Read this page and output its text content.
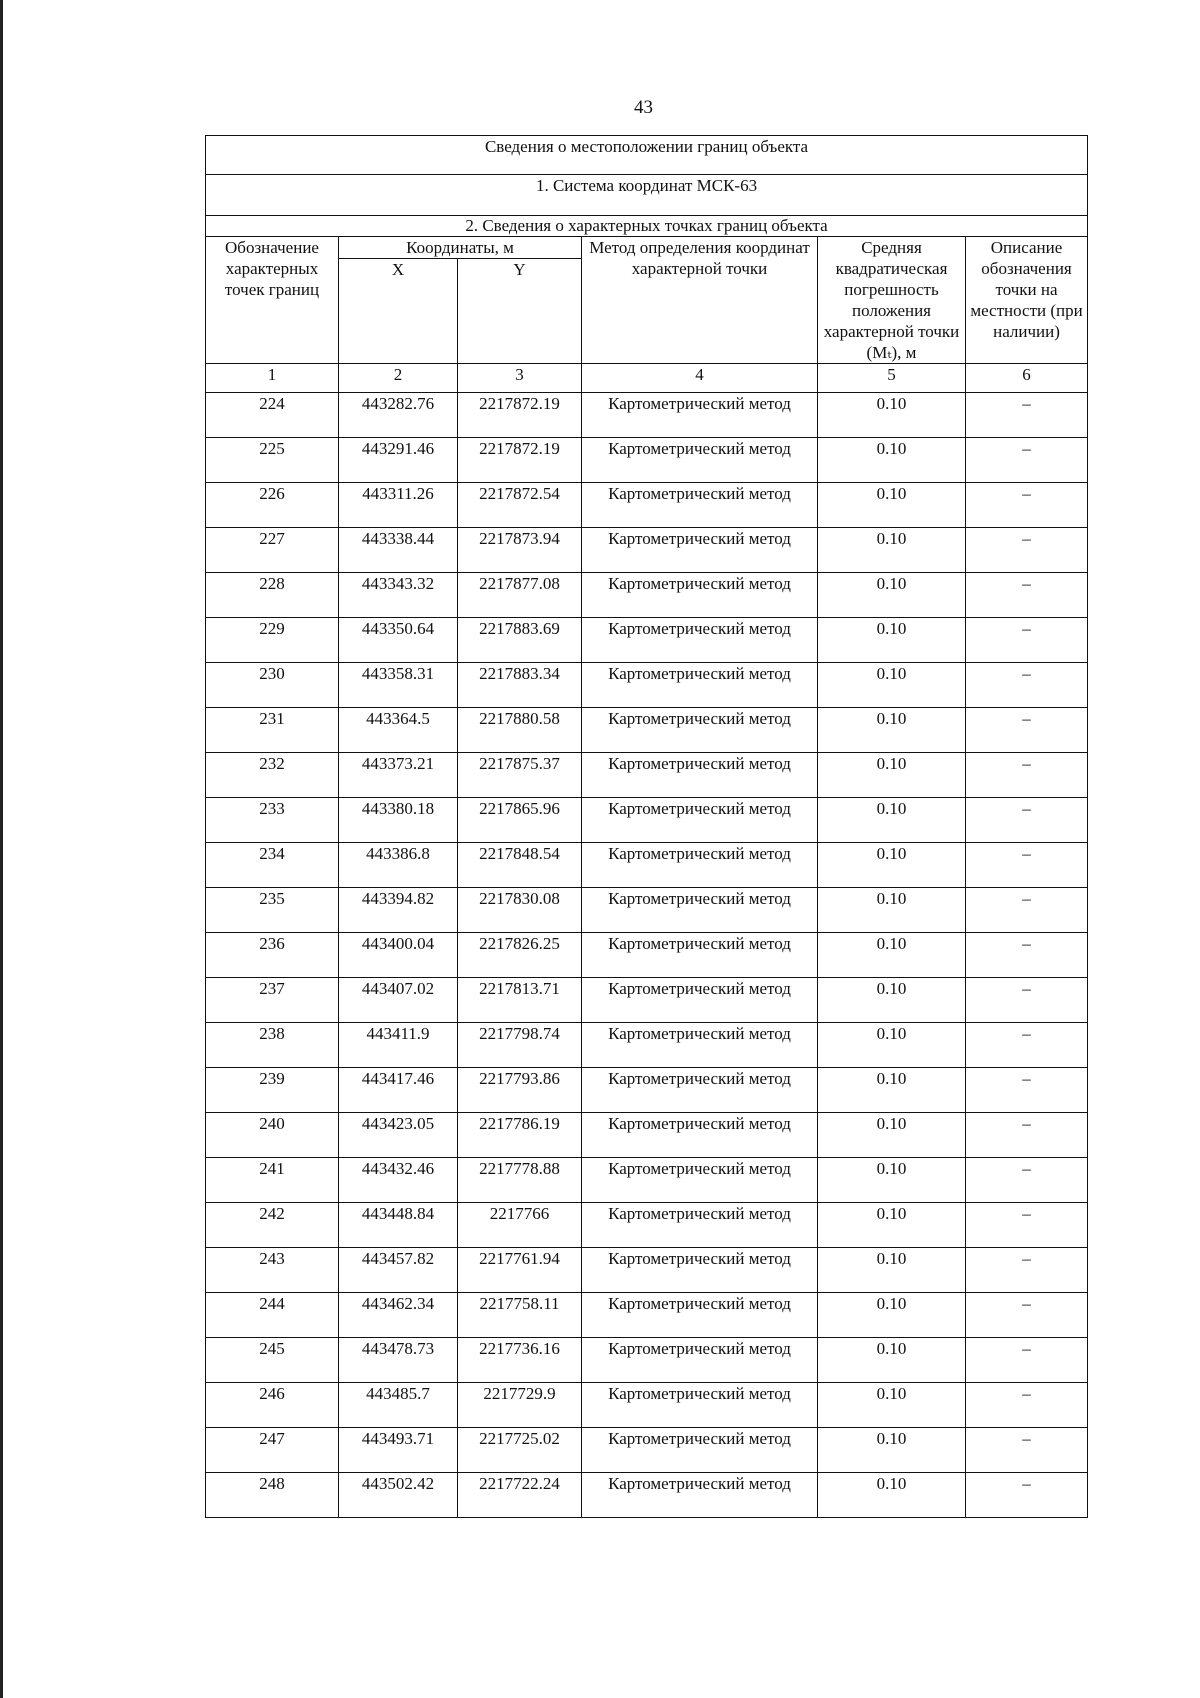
43
Сведения о местоположении границ объекта					
1. Система координат МСК-63					
2. Сведения о характерных точках границ объекта					
Обозначение характерных точек границ	Координаты, м		Метод определения координат характерной точки	Средняя квадратическая погрешность положения характерной точки (Mₜ), м	Описание обозначения точки на местности (при наличии)
	X	Y			
1	2	3	4	5	6
224	443282.76	2217872.19	Картометрический метод	0.10	–
225	443291.46	2217872.19	Картометрический метод	0.10	–
226	443311.26	2217872.54	Картометрический метод	0.10	–
227	443338.44	2217873.94	Картометрический метод	0.10	–
228	443343.32	2217877.08	Картометрический метод	0.10	–
229	443350.64	2217883.69	Картометрический метод	0.10	–
230	443358.31	2217883.34	Картометрический метод	0.10	–
231	443364.5	2217880.58	Картометрический метод	0.10	–
232	443373.21	2217875.37	Картометрический метод	0.10	–
233	443380.18	2217865.96	Картометрический метод	0.10	–
234	443386.8	2217848.54	Картометрический метод	0.10	–
235	443394.82	2217830.08	Картометрический метод	0.10	–
236	443400.04	2217826.25	Картометрический метод	0.10	–
237	443407.02	2217813.71	Картометрический метод	0.10	–
238	443411.9	2217798.74	Картометрический метод	0.10	–
239	443417.46	2217793.86	Картометрический метод	0.10	–
240	443423.05	2217786.19	Картометрический метод	0.10	–
241	443432.46	2217778.88	Картометрический метод	0.10	–
242	443448.84	2217766	Картометрический метод	0.10	–
243	443457.82	2217761.94	Картометрический метод	0.10	–
244	443462.34	2217758.11	Картометрический метод	0.10	–
245	443478.73	2217736.16	Картометрический метод	0.10	–
246	443485.7	2217729.9	Картометрический метод	0.10	–
247	443493.71	2217725.02	Картометрический метод	0.10	–
248	443502.42	2217722.24	Картометрический метод	0.10	–
